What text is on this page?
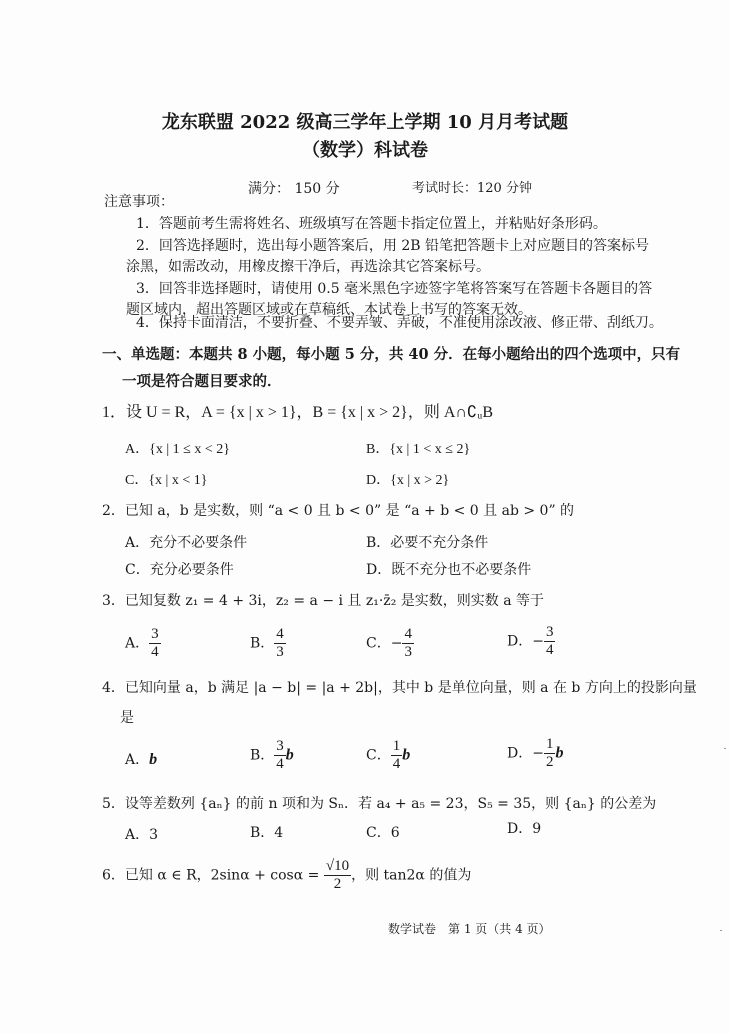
龙东联盟 2022 级高三学年上学期 10 月月考试题
（数学）科试卷
满分： 150 分	考试时长：120 分钟
注意事项：
1．答题前考生需将姓名、班级填写在答题卡指定位置上，并粘贴好条形码。
2．回答选择题时，选出每小题答案后，用 2B 铅笔把答题卡上对应题目的答案标号
涂黑，如需改动，用橡皮擦干净后，再选涂其它答案标号。
3．回答非选择题时，请使用 0.5 毫米黑色字迹签字笔将答案写在答题卡各题目的答
题区域内，超出答题区域或在草稿纸、本试卷上书写的答案无效。
4．保持卡面清洁，不要折叠、不要弄皱、弄破，不准使用涂改液、修正带、刮纸刀。
一、单选题：本题共 8 小题，每小题 5 分，共 40 分．在每小题给出的四个选项中，只有
一项是符合题目要求的．
1．设 U = R，A = {x | x > 1}，B = {x | x > 2}，则 A∩∁ᵤB
A．{x | 1 ≤ x < 2}	B．{x | 1 < x ≤ 2}
C．{x | x < 1}	D．{x | x > 2}
2．已知 a，b 是实数，则 “a < 0 且 b < 0” 是 “a + b < 0 且 ab > 0” 的
A．充分不必要条件	B．必要不充分条件
C．充分必要条件	D．既不充分也不必要条件
3．已知复数 z₁ = 4 + 3i，z₂ = a − i 且 z₁·z̄₂ 是实数，则实数 a 等于
A． $\frac{3}{4}$	B． $\frac{4}{3}$	C．− $\frac{4}{3}$	D．− $\frac{3}{4}$
4．已知向量 a，b 满足 |a − b| = |a + 2b|，其中 b 是单位向量，则 a 在 b 方向上的投影向量
是
A．b	B． $\frac{3}{4}$ b	C． $\frac{1}{4}$ b	D．− $\frac{1}{2}$ b
5．设等差数列 {aₙ} 的前 n 项和为 Sₙ．若 a₄ + a₅ = 23，S₅ = 35，则 {aₙ} 的公差为
A．3	B．4	C．6	D．9
6．已知 α ∈ R，$2\sin\alpha + \cos\alpha = \frac{√10}{2}$ ，则 tan2α 的值为
数学试卷　第 1 页（共 4 页）
